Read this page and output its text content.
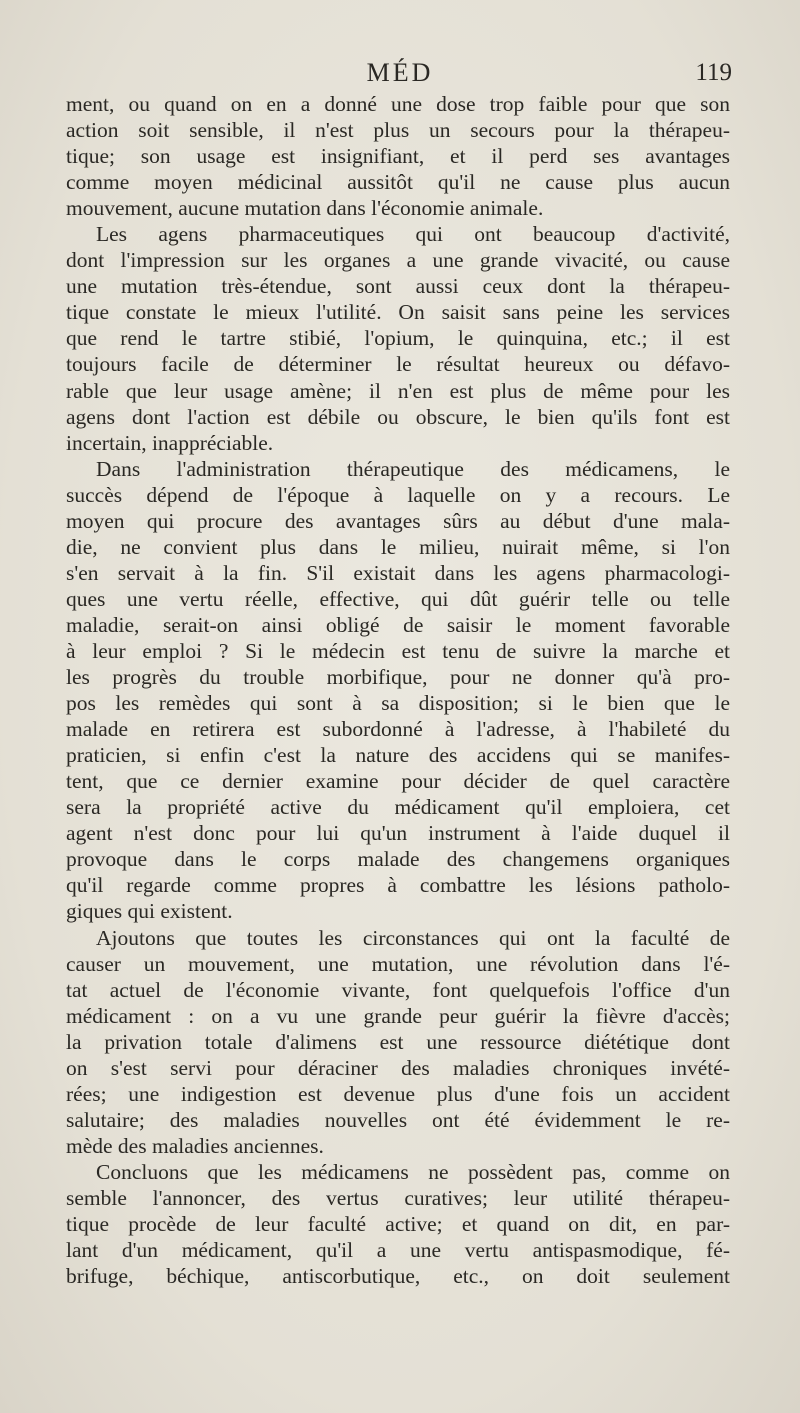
MÉD	119
ment, ou quand on en a donné une dose trop faible pour que son
action soit sensible, il n'est plus un secours pour la thérapeu-
tique; son usage est insignifiant, et il perd ses avantages
comme moyen médicinal aussitôt qu'il ne cause plus aucun
mouvement, aucune mutation dans l'économie animale.
Les agens pharmaceutiques qui ont beaucoup d'activité,
dont l'impression sur les organes a une grande vivacité, ou cause
une mutation très-étendue, sont aussi ceux dont la thérapeu-
tique constate le mieux l'utilité. On saisit sans peine les services
que rend le tartre stibié, l'opium, le quinquina, etc.; il est
toujours facile de déterminer le résultat heureux ou défavo-
rable que leur usage amène; il n'en est plus de même pour les
agens dont l'action est débile ou obscure, le bien qu'ils font est
incertain, inappréciable.
Dans l'administration thérapeutique des médicamens, le
succès dépend de l'époque à laquelle on y a recours. Le
moyen qui procure des avantages sûrs au début d'une mala-
die, ne convient plus dans le milieu, nuirait même, si l'on
s'en servait à la fin. S'il existait dans les agens pharmacologi-
ques une vertu réelle, effective, qui dût guérir telle ou telle
maladie, serait-on ainsi obligé de saisir le moment favorable
à leur emploi ? Si le médecin est tenu de suivre la marche et
les progrès du trouble morbifique, pour ne donner qu'à pro-
pos les remèdes qui sont à sa disposition; si le bien que le
malade en retirera est subordonné à l'adresse, à l'habileté du
praticien, si enfin c'est la nature des accidens qui se manifes-
tent, que ce dernier examine pour décider de quel caractère
sera la propriété active du médicament qu'il emploiera, cet
agent n'est donc pour lui qu'un instrument à l'aide duquel il
provoque dans le corps malade des changemens organiques
qu'il regarde comme propres à combattre les lésions patholo-
giques qui existent.
Ajoutons que toutes les circonstances qui ont la faculté de
causer un mouvement, une mutation, une révolution dans l'é-
tat actuel de l'économie vivante, font quelquefois l'office d'un
médicament : on a vu une grande peur guérir la fièvre d'accès;
la privation totale d'alimens est une ressource diététique dont
on s'est servi pour déraciner des maladies chroniques invété-
rées; une indigestion est devenue plus d'une fois un accident
salutaire; des maladies nouvelles ont été évidemment le re-
mède des maladies anciennes.
Concluons que les médicamens ne possèdent pas, comme on
semble l'annoncer, des vertus curatives; leur utilité thérapeu-
tique procède de leur faculté active; et quand on dit, en par-
lant d'un médicament, qu'il a une vertu antispasmodique, fé-
brifuge, béchique, antiscorbutique, etc., on doit seulement
